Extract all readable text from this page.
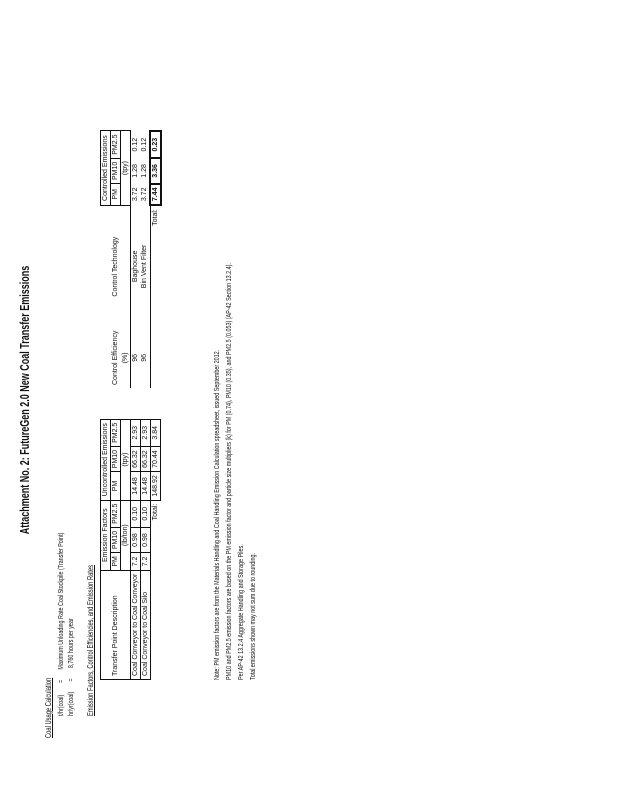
Attachment No. 2: FutureGen 2.0 New Coal Transfer Emissions
Coal Usage Calculation t/hr(coal)  =  Maximum Unloading Rate Coal Stockpile (Transfer Point)
hr/yr(coal)  =  8,760 hours per year Emission Factors, Control Efficiencies, and Emission Rates
	Emission Factors			Uncontrolled Emissions		
Transfer Point Description	PM	PM10	PM2.5	PM	PM10	PM2.5
	(lb/ton)			(tpy)		
Coal Conveyor to Coal Conveyor	7.2	0.98	0.10	14.48	66.32	2.93
Coal Conveyor to Coal Silo	7.2	0.98	0.10	14.48	66.32	2.93
			Total:	148.92	70.44	3.84
		Controlled Emissions		
Control Efficiency	Control Technology	PM	PM10	PM2.5
(%)		(tpy)		
96	Baghouse	3.72	1.28	0.12
96	Bin Vent Filter	3.72	1.28	0.12
	Total:	7.44	3.36	0.23
Note: PM emission factors are from the Materials Handling and Coal Handling Emission Calculation spreadsheet, issued September 2012. PM10 and PM2.5 emission factors are based on the PM emission factor and particle size multipliers (k) for PM (0.74), PM10 (0.35), and PM2.5 (0.053) (AP-42 Section 13.2.4). Per AP-42 13.2.4 Aggregate Handling and Storage Piles. Total emissions shown may not sum due to rounding.
